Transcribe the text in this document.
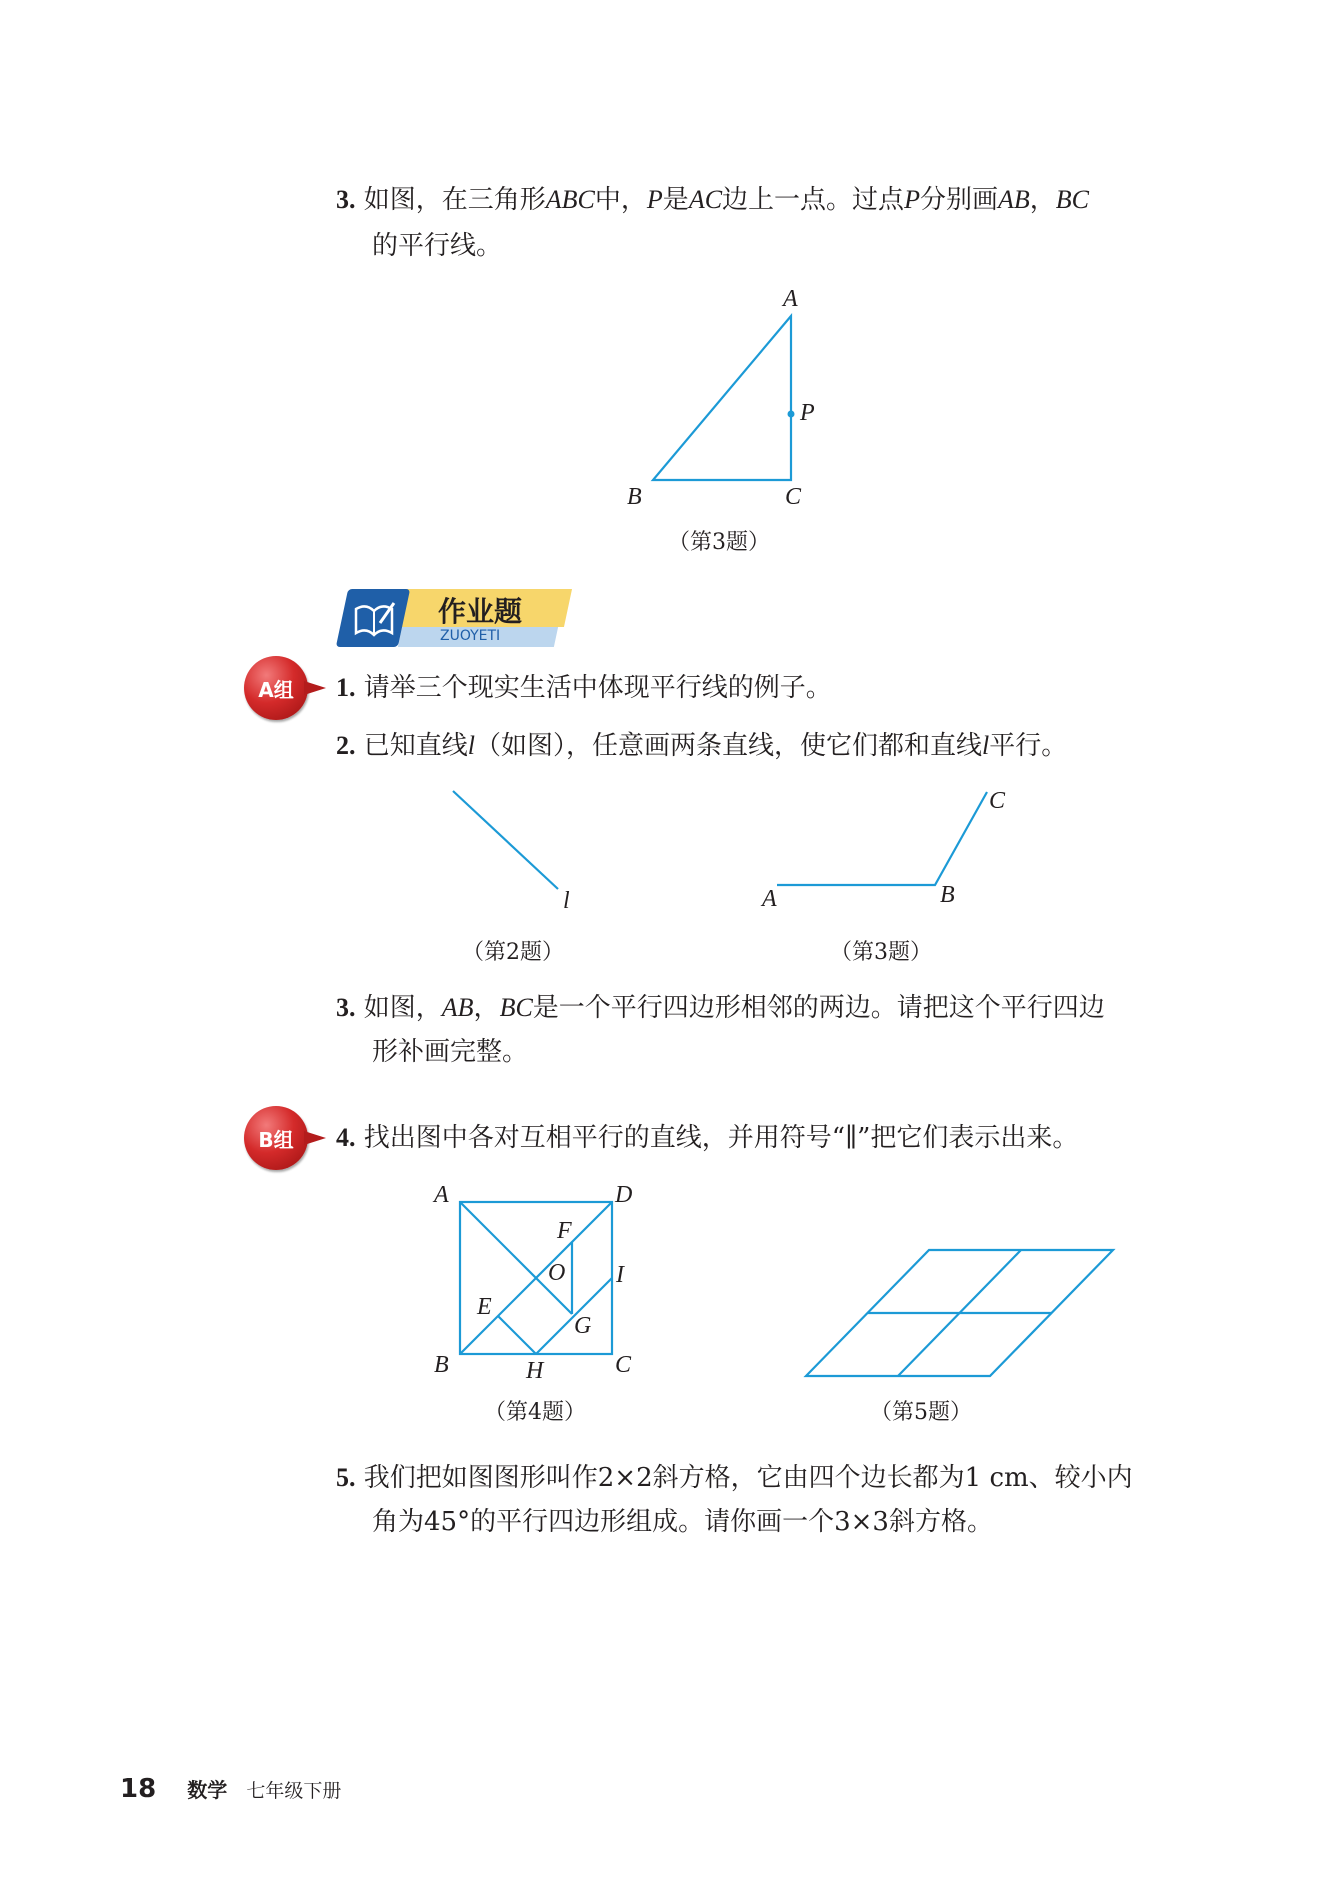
3. 如图，在三角形ABC中，P是AC边上一点。过点P分别画AB，BC
的平行线。
A
P
B	C
（第3题）
作业题
ZUOYETI
A组	1. 请举三个现实生活中体现平行线的例子。
2. 已知直线l（如图），任意画两条直线，使它们都和直线l平行。
l
（第2题）
A	B
C
（第3题）
3. 如图，AB，BC是一个平行四边形相邻的两边。请把这个平行四边
形补画完整。
B组	4. 找出图中各对互相平行的直线，并用符号“∥”把它们表示出来。
A	D
F
O I
E
G
B	H	C
（第4题）	（第5题）
5. 我们把如图图形叫作2×2斜方格，它由四个边长都为1 cm、较小内
角为45°的平行四边形组成。请你画一个3×3斜方格。
18 数学 七年级下册
